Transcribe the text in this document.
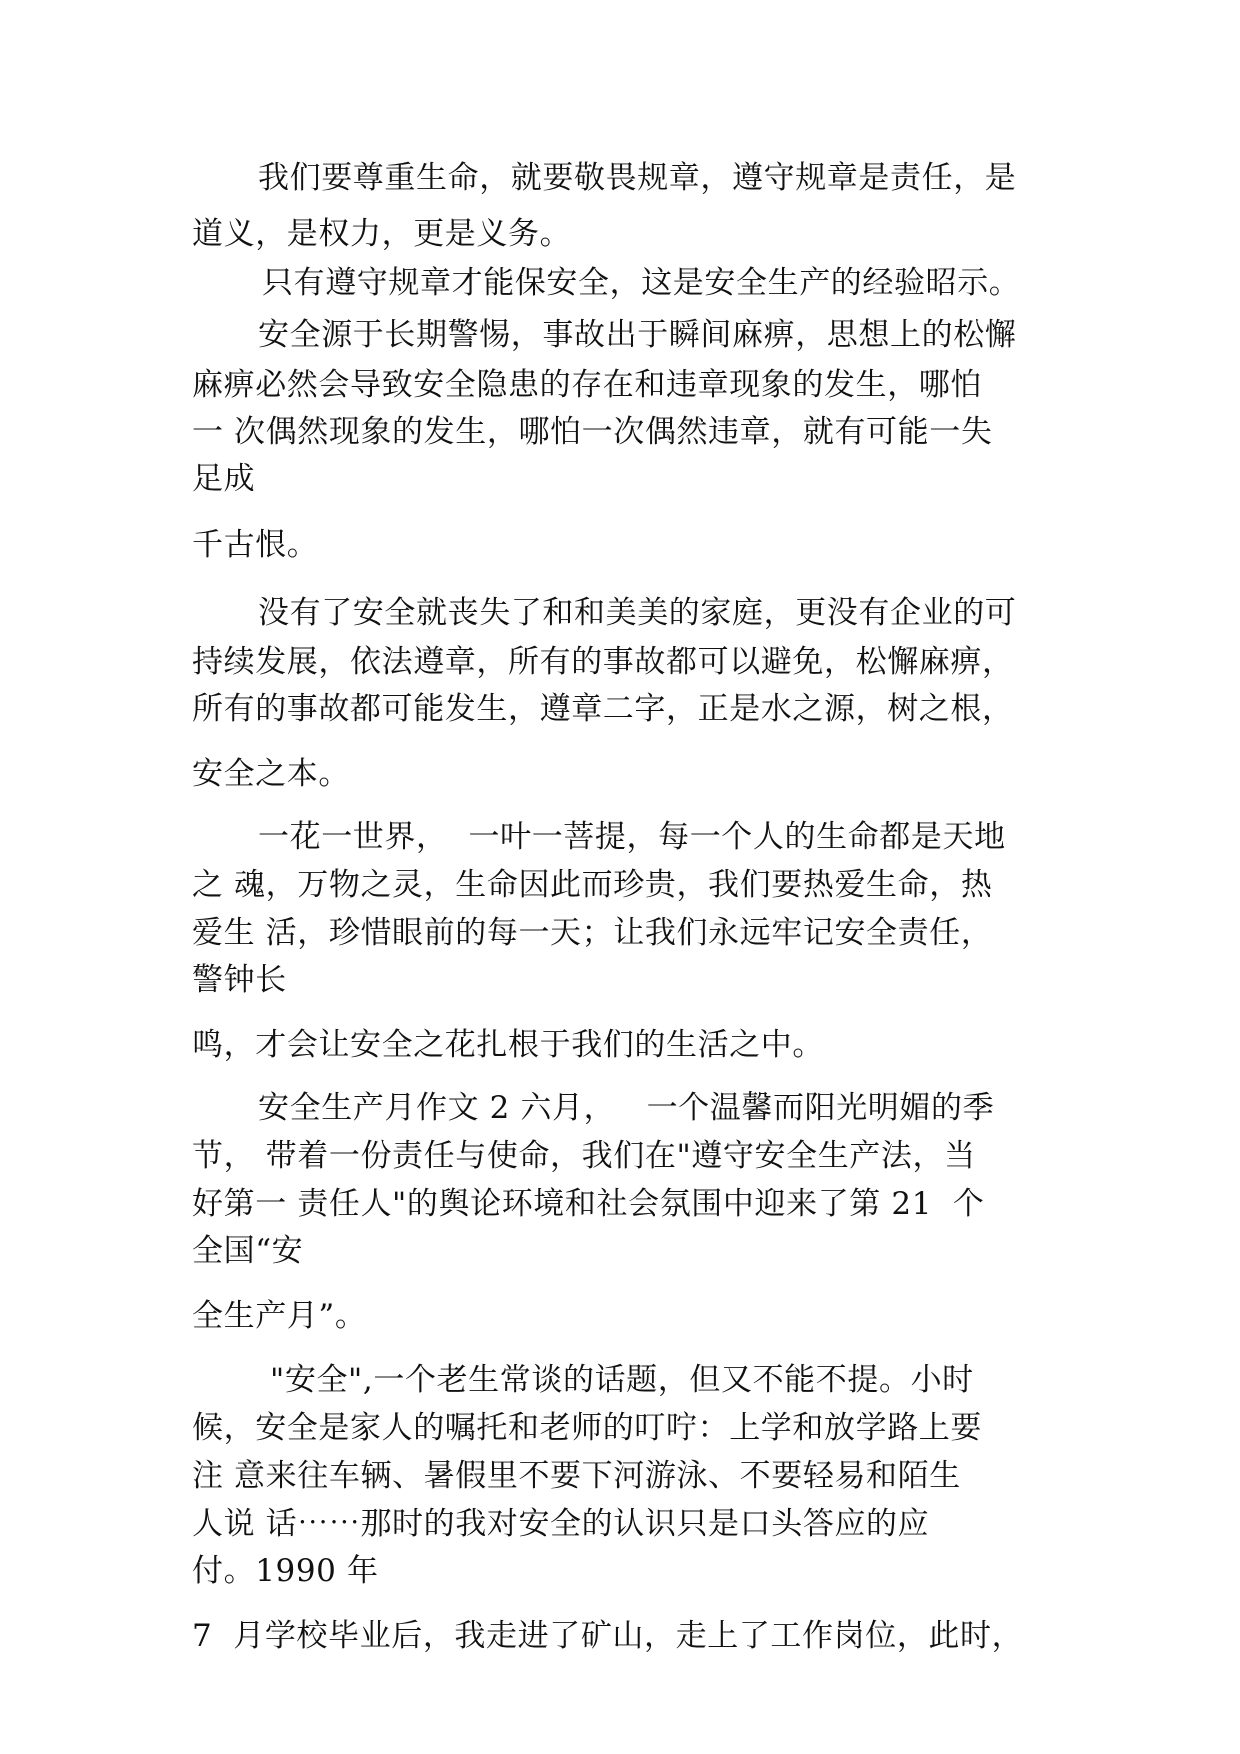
我们要尊重生命，就要敬畏规章，遵守规章是责任，是

道义，是权力，更是义务。

只有遵守规章才能保安全，这是安全生产的经验昭示。

安全源于长期警惕，事故出于瞬间麻痹，思想上的松懈

麻痹必然会导致安全隐患的存在和违章现象的发生，哪怕

一 次偶然现象的发生，哪怕一次偶然违章，就有可能一失

足成

千古恨。

没有了安全就丧失了和和美美的家庭，更没有企业的可

持续发展，依法遵章，所有的事故都可以避免，松懈麻痹，

所有的事故都可能发生，遵章二字，正是水之源，树之根，

安全之本。

一花一世界，  一叶一菩提，每一个人的生命都是天地

之 魂，万物之灵，生命因此而珍贵，我们要热爱生命，热

爱生 活，珍惜眼前的每一天；让我们永远牢记安全责任，

警钟长

鸣，才会让安全之花扎根于我们的生活之中。

安全生产月作文 2 六月，   一个温馨而阳光明媚的季

节， 带着一份责任与使命，我们在"遵守安全生产法，当

好第一 责任人"的舆论环境和社会氛围中迎来了第 21  个

全国“安

全生产月”。

"安全",一个老生常谈的话题，但又不能不提。小时

候，安全是家人的嘱托和老师的叮咛：上学和放学路上要

注 意来往车辆、暑假里不要下河游泳、不要轻易和陌生

人说 话⋯⋯那时的我对安全的认识只是口头答应的应

付。1990 年

7  月学校毕业后，我走进了矿山，走上了工作岗位，此时，
